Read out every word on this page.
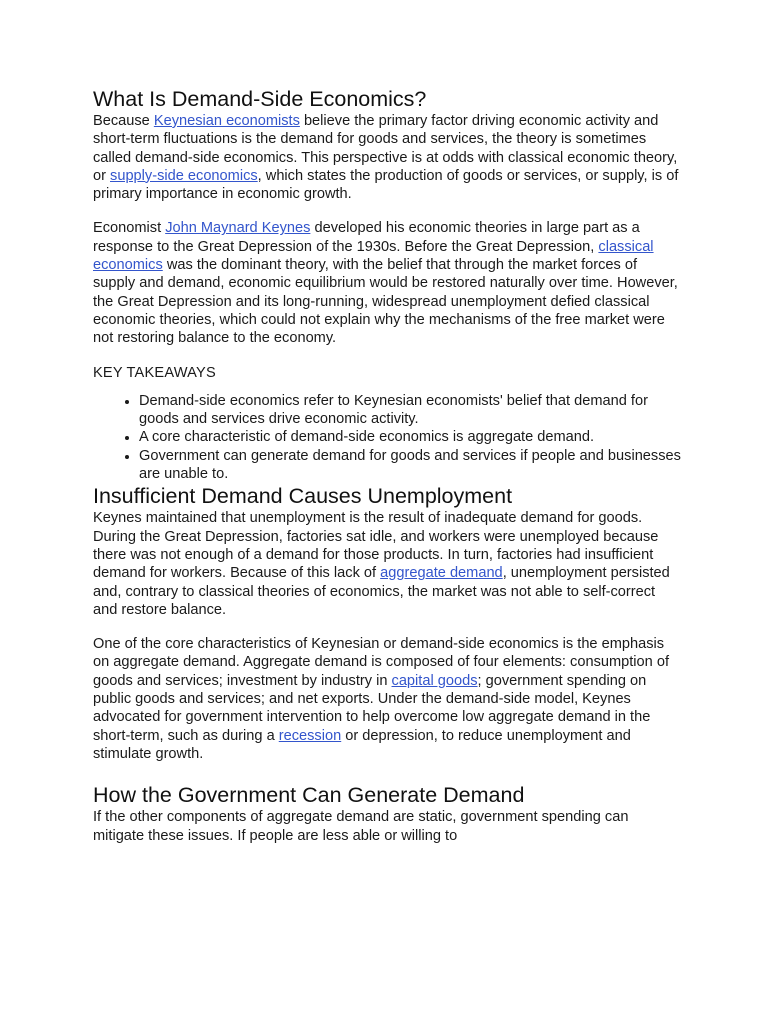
What Is Demand-Side Economics?

Because Keynesian economists believe the primary factor driving economic activity and short-term fluctuations is the demand for goods and services, the theory is sometimes called demand-side economics. This perspective is at odds with classical economic theory, or supply-side economics, which states the production of goods or services, or supply, is of primary importance in economic growth.

Economist John Maynard Keynes developed his economic theories in large part as a response to the Great Depression of the 1930s. Before the Great Depression, classical economics was the dominant theory, with the belief that through the market forces of supply and demand, economic equilibrium would be restored naturally over time. However, the Great Depression and its long-running, widespread unemployment defied classical economic theories, which could not explain why the mechanisms of the free market were not restoring balance to the economy.

KEY TAKEAWAYS

• Demand-side economics refer to Keynesian economists' belief that demand for goods and services drive economic activity.
• A core characteristic of demand-side economics is aggregate demand.
• Government can generate demand for goods and services if people and businesses are unable to.
Insufficient Demand Causes Unemployment

Keynes maintained that unemployment is the result of inadequate demand for goods. During the Great Depression, factories sat idle, and workers were unemployed because there was not enough of a demand for those products. In turn, factories had insufficient demand for workers. Because of this lack of aggregate demand, unemployment persisted and, contrary to classical theories of economics, the market was not able to self-correct and restore balance.

One of the core characteristics of Keynesian or demand-side economics is the emphasis on aggregate demand. Aggregate demand is composed of four elements: consumption of goods and services; investment by industry in capital goods; government spending on public goods and services; and net exports. Under the demand-side model, Keynes advocated for government intervention to help overcome low aggregate demand in the short-term, such as during a recession or depression, to reduce unemployment and stimulate growth.

How the Government Can Generate Demand

If the other components of aggregate demand are static, government spending can mitigate these issues. If people are less able or willing to
